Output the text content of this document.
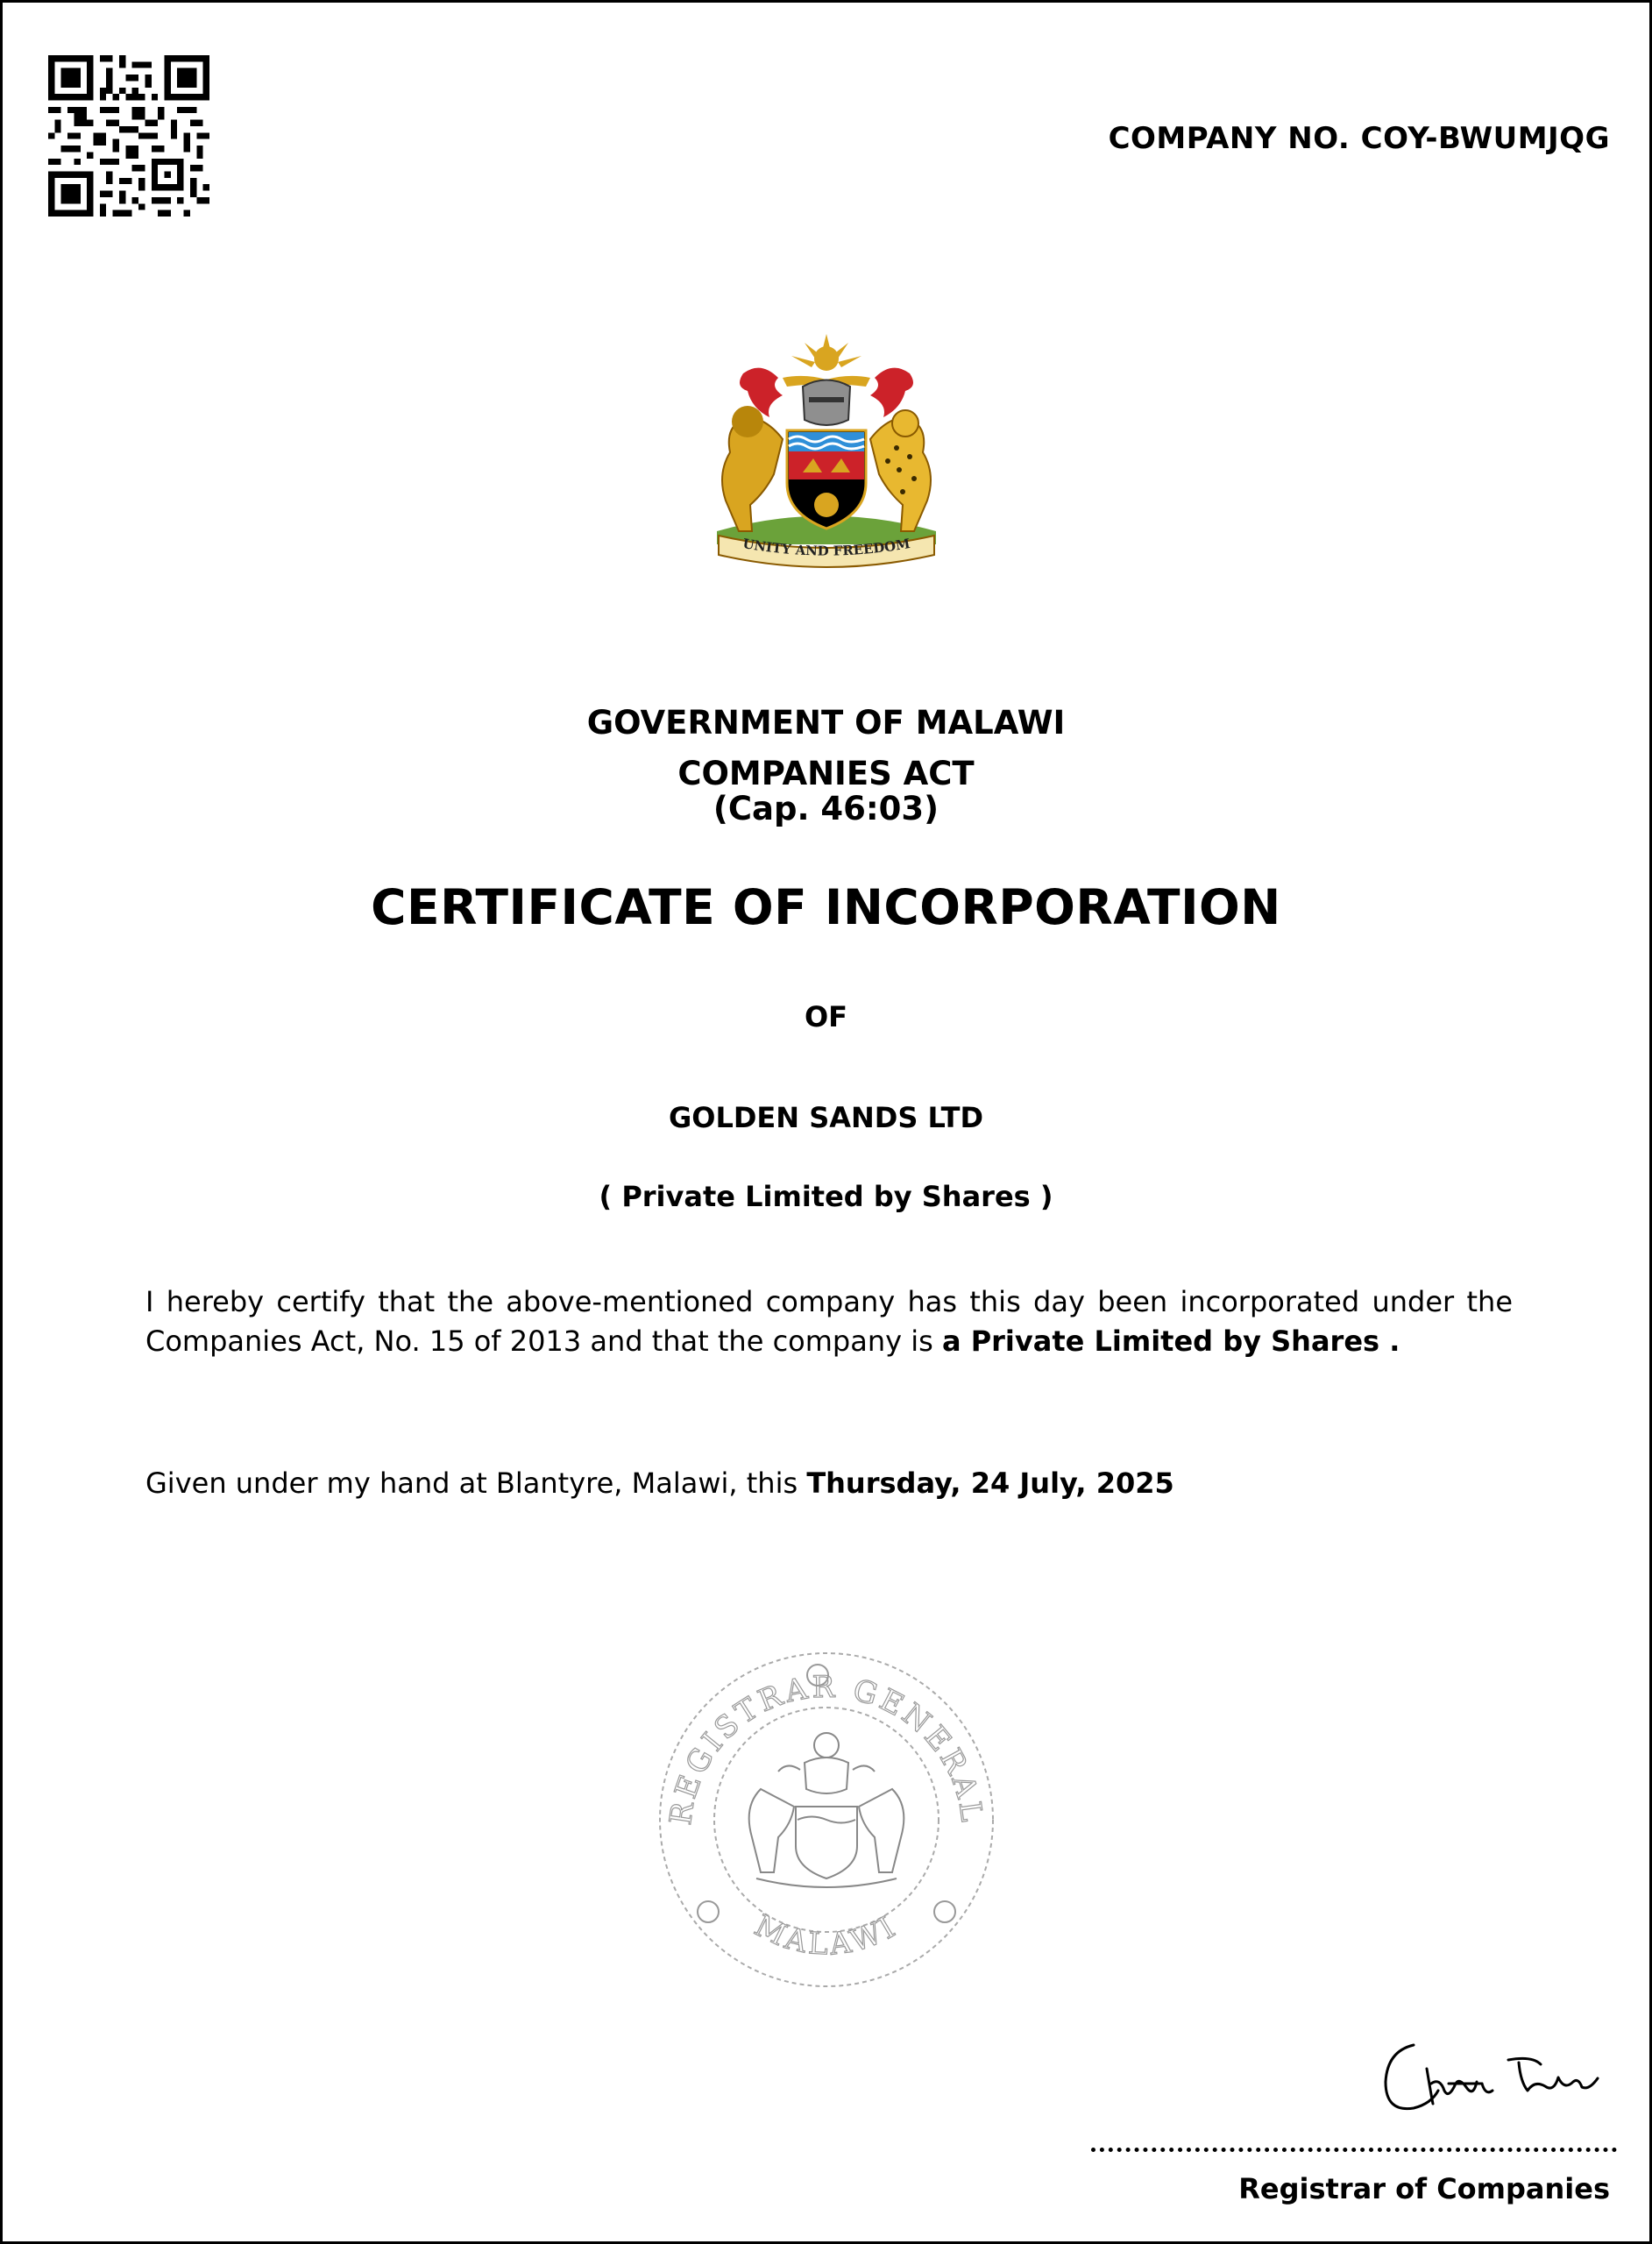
COMPANY NO. COY-BWUMJQG
UNITY AND FREEDOM
GOVERNMENT OF MALAWI
COMPANIES ACT
(Cap. 46:03)
CERTIFICATE OF INCORPORATION
OF
GOLDEN SANDS LTD
( Private Limited by Shares )
I hereby certify that the above-mentioned company has this day been incorporated under the Companies Act, No. 15 of 2013 and that the company is a Private Limited by Shares .
Given under my hand at Blantyre, Malawi, this Thursday, 24 July, 2025
REGISTRAR GENERAL
MALAWI
Registrar of Companies
